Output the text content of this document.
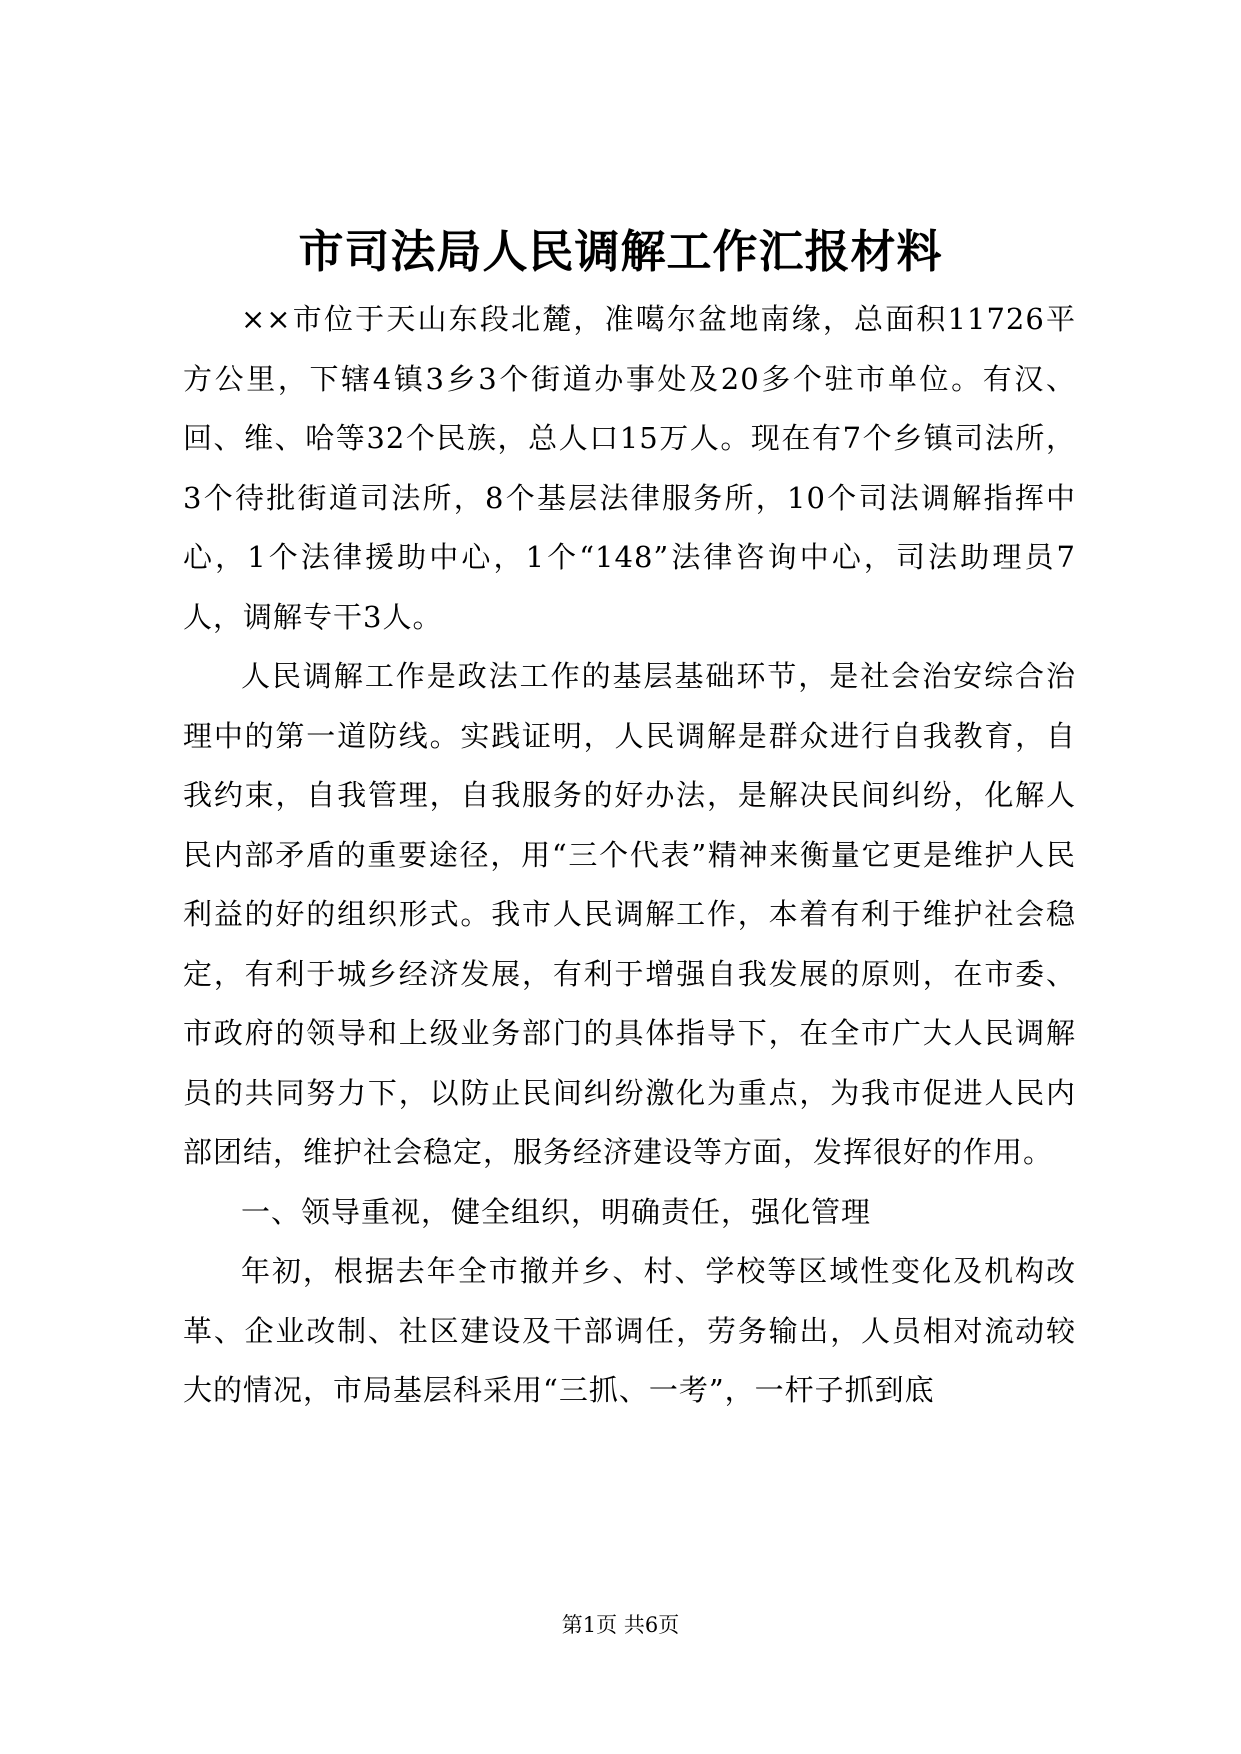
市司法局人民调解工作汇报材料

××市位于天山东段北麓，准噶尔盆地南缘，总面积11726平方公里，下辖4镇3乡3个街道办事处及20多个驻市单位。有汉、回、维、哈等32个民族，总人口15万人。现在有7个乡镇司法所，3个待批街道司法所，8个基层法律服务所，10个司法调解指挥中心，1个法律援助中心，1个“148”法律咨询中心，司法助理员7人，调解专干3人。

人民调解工作是政法工作的基层基础环节，是社会治安综合治理中的第一道防线。实践证明，人民调解是群众进行自我教育，自我约束，自我管理，自我服务的好办法，是解决民间纠纷，化解人民内部矛盾的重要途径，用“三个代表”精神来衡量它更是维护人民利益的好的组织形式。我市人民调解工作，本着有利于维护社会稳定，有利于城乡经济发展，有利于增强自我发展的原则，在市委、市政府的领导和上级业务部门的具体指导下，在全市广大人民调解员的共同努力下，以防止民间纠纷激化为重点，为我市促进人民内部团结，维护社会稳定，服务经济建设等方面，发挥很好的作用。

一、领导重视，健全组织，明确责任，强化管理

年初，根据去年全市撤并乡、村、学校等区域性变化及机构改革、企业改制、社区建设及干部调任，劳务输出，人员相对流动较大的情况，市局基层科采用“三抓、一考”，一杆子抓到底

第1页 共6页
